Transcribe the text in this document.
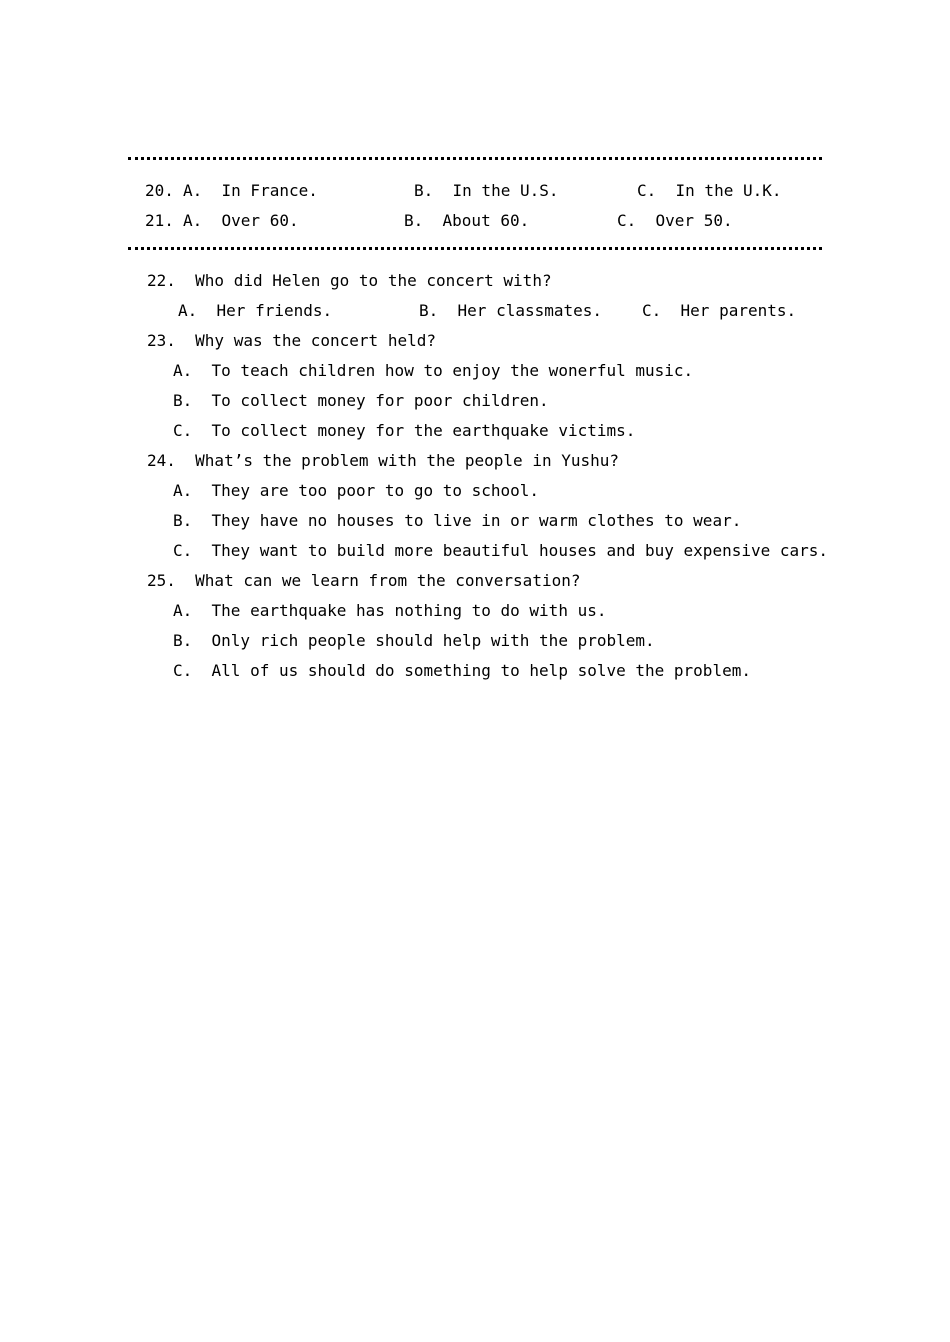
20. A.  In France.	B.  In the U.S.	C.  In the U.K.
21. A.  Over 60.	B.  About 60.	C.  Over 50.
22.  Who did Helen go to the concert with?
A.  Her friends.	B.  Her classmates. C.  Her parents.
23.  Why was the concert held?
A.  To teach children how to enjoy the wonerful music.
B.  To collect money for poor children.
C.  To collect money for the earthquake victims.
24.  What’s the problem with the people in Yushu?
A.  They are too poor to go to school.
B.  They have no houses to live in or warm clothes to wear.
C.  They want to build more beautiful houses and buy expensive cars.
25.  What can we learn from the conversation?
A.  The earthquake has nothing to do with us.
B.  Only rich people should help with the problem.
C.  All of us should do something to help solve the problem.
